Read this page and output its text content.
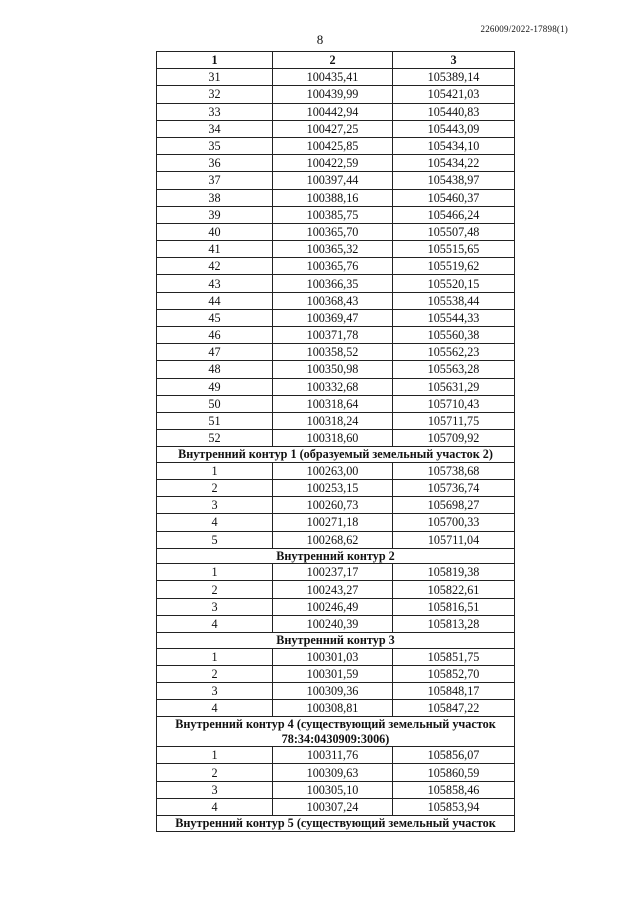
226009/2022-17898(1)
8
1	2	3
31	100435,41	105389,14
32	100439,99	105421,03
33	100442,94	105440,83
34	100427,25	105443,09
35	100425,85	105434,10
36	100422,59	105434,22
37	100397,44	105438,97
38	100388,16	105460,37
39	100385,75	105466,24
40	100365,70	105507,48
41	100365,32	105515,65
42	100365,76	105519,62
43	100366,35	105520,15
44	100368,43	105538,44
45	100369,47	105544,33
46	100371,78	105560,38
47	100358,52	105562,23
48	100350,98	105563,28
49	100332,68	105631,29
50	100318,64	105710,43
51	100318,24	105711,75
52	100318,60	105709,92
Внутренний контур 1 (образуемый земельный участок 2)		
1	100263,00	105738,68
2	100253,15	105736,74
3	100260,73	105698,27
4	100271,18	105700,33
5	100268,62	105711,04
Внутренний контур 2		
1	100237,17	105819,38
2	100243,27	105822,61
3	100246,49	105816,51
4	100240,39	105813,28
Внутренний контур 3		
1	100301,03	105851,75
2	100301,59	105852,70
3	100309,36	105848,17
4	100308,81	105847,22
Внутренний контур 4 (существующий земельный участок 78:34:0430909:3006)		
1	100311,76	105856,07
2	100309,63	105860,59
3	100305,10	105858,46
4	100307,24	105853,94
Внутренний контур 5 (существующий земельный участок		
